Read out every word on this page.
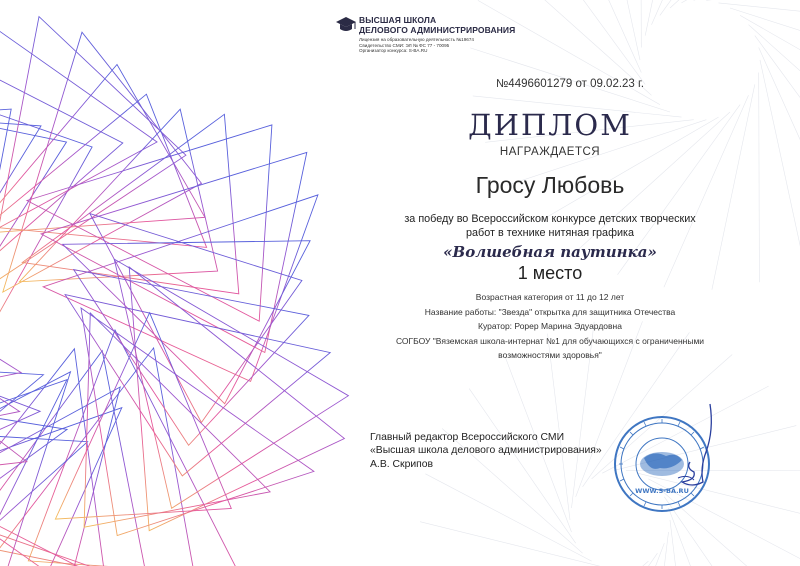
ВЫСШАЯ ШКОЛА
ДЕЛОВОГО АДМИНИСТРИРОВАНИЯ
Лицензия на образовательную деятельность №19674
Свидетельство СМИ: ЭЛ № ФС 77 - 70095
Организатор конкурса: S-BA.RU
№4496601279 от 09.02.23 г.
ДИПЛОМ
НАГРАЖДАЕТСЯ
Гросу Любовь
за победу во Всероссийском конкурсе детских творческих
работ в технике нитяная графика
«Волшебная паутинка»
1 место
Возрастная категория от 11 до 12 лет
Название работы: "Звезда" открытка для защитника Отечества
Куратор: Рорер Марина Эдуардовна
СОГБОУ "Вяземская школа-интернат №1 для обучающихся с ограниченными возможностями здоровья"
Главный редактор Всероссийского СМИ
«Высшая школа делового администрирования»
А.В. Скрипов
WWW.S-BA.RU
